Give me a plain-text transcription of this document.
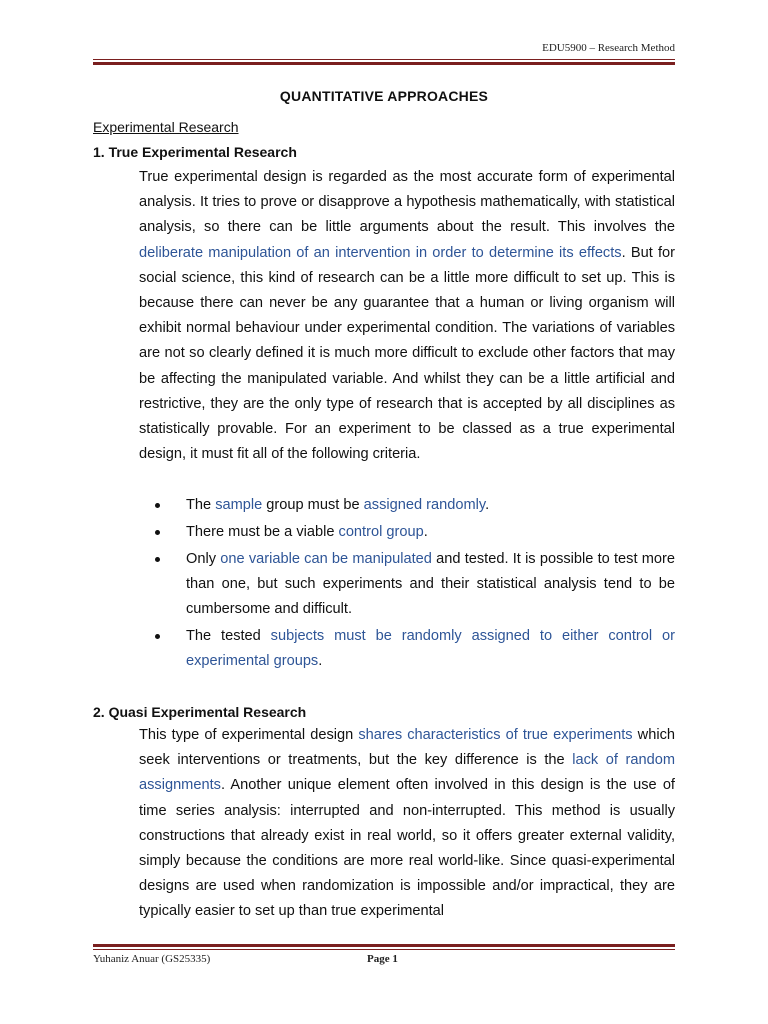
EDU5900 – Research Method
QUANTITATIVE APPROACHES
Experimental Research
1. True Experimental Research

True experimental design is regarded as the most accurate form of experimental analysis. It tries to prove or disapprove a hypothesis mathematically, with statistical analysis, so there can be little arguments about the result. This involves the deliberate manipulation of an intervention in order to determine its effects. But for social science, this kind of research can be a little more difficult to set up. This is because there can never be any guarantee that a human or living organism will exhibit normal behaviour under experimental condition. The variations of variables are not so clearly defined it is much more difficult to exclude other factors that may be affecting the manipulated variable. And whilst they can be a little artificial and restrictive, they are the only type of research that is accepted by all disciplines as statistically provable. For an experiment to be classed as a true experimental design, it must fit all of the following criteria.

The sample group must be assigned randomly.
There must be a viable control group.
Only one variable can be manipulated and tested. It is possible to test more than one, but such experiments and their statistical analysis tend to be cumbersome and difficult.
The tested subjects must be randomly assigned to either control or experimental groups.
2. Quasi Experimental Research

This type of experimental design shares characteristics of true experiments which seek interventions or treatments, but the key difference is the lack of random assignments. Another unique element often involved in this design is the use of time series analysis: interrupted and non-interrupted. This method is usually constructions that already exist in real world, so it offers greater external validity, simply because the conditions are more real world-like. Since quasi-experimental designs are used when randomization is impossible and/or impractical, they are typically easier to set up than true experimental

Yuhaniz Anuar (GS25335)	Page 1
